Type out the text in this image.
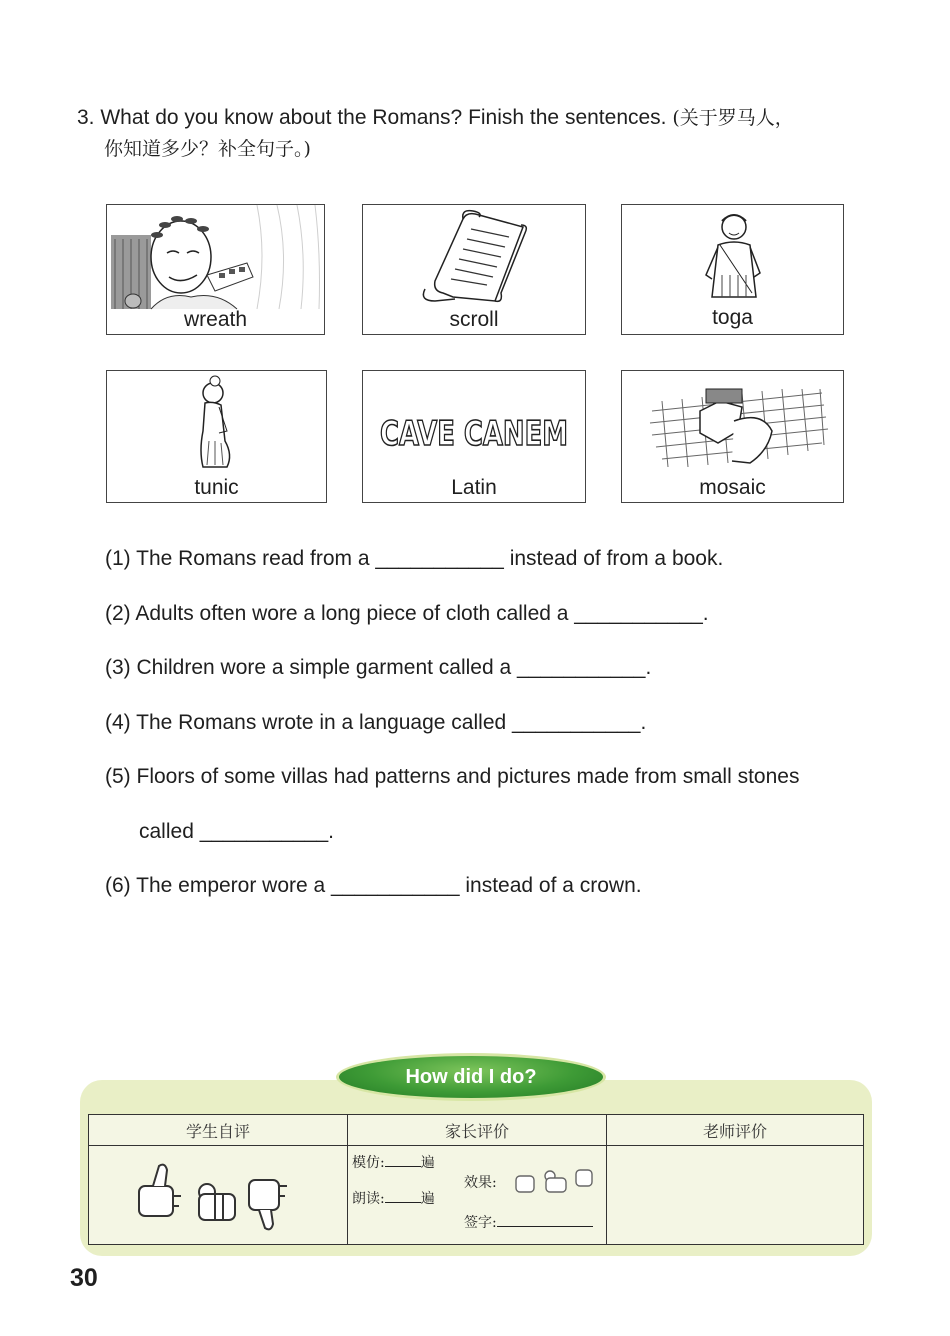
3. What do you know about the Romans? Finish the sentences. (关于罗马人，
你知道多少？补全句子。)
wreath	scroll	toga
tunic
CAVE CANEM
Latin	mosaic
(1) The Romans read from a ___________ instead of from a book.
(2) Adults often wore a long piece of cloth called a ___________.
(3) Children wore a simple garment called a ___________.
(4) The Romans wrote in a language called ___________.
(5) Floors of some villas had patterns and pictures made from small stones
called ___________.
(6) The emperor wore a ___________ instead of a crown.
How did I do?
学生自评	家长评价	老师评价

模仿: 遍
朗读: 遍
效果:
签字:	

30
